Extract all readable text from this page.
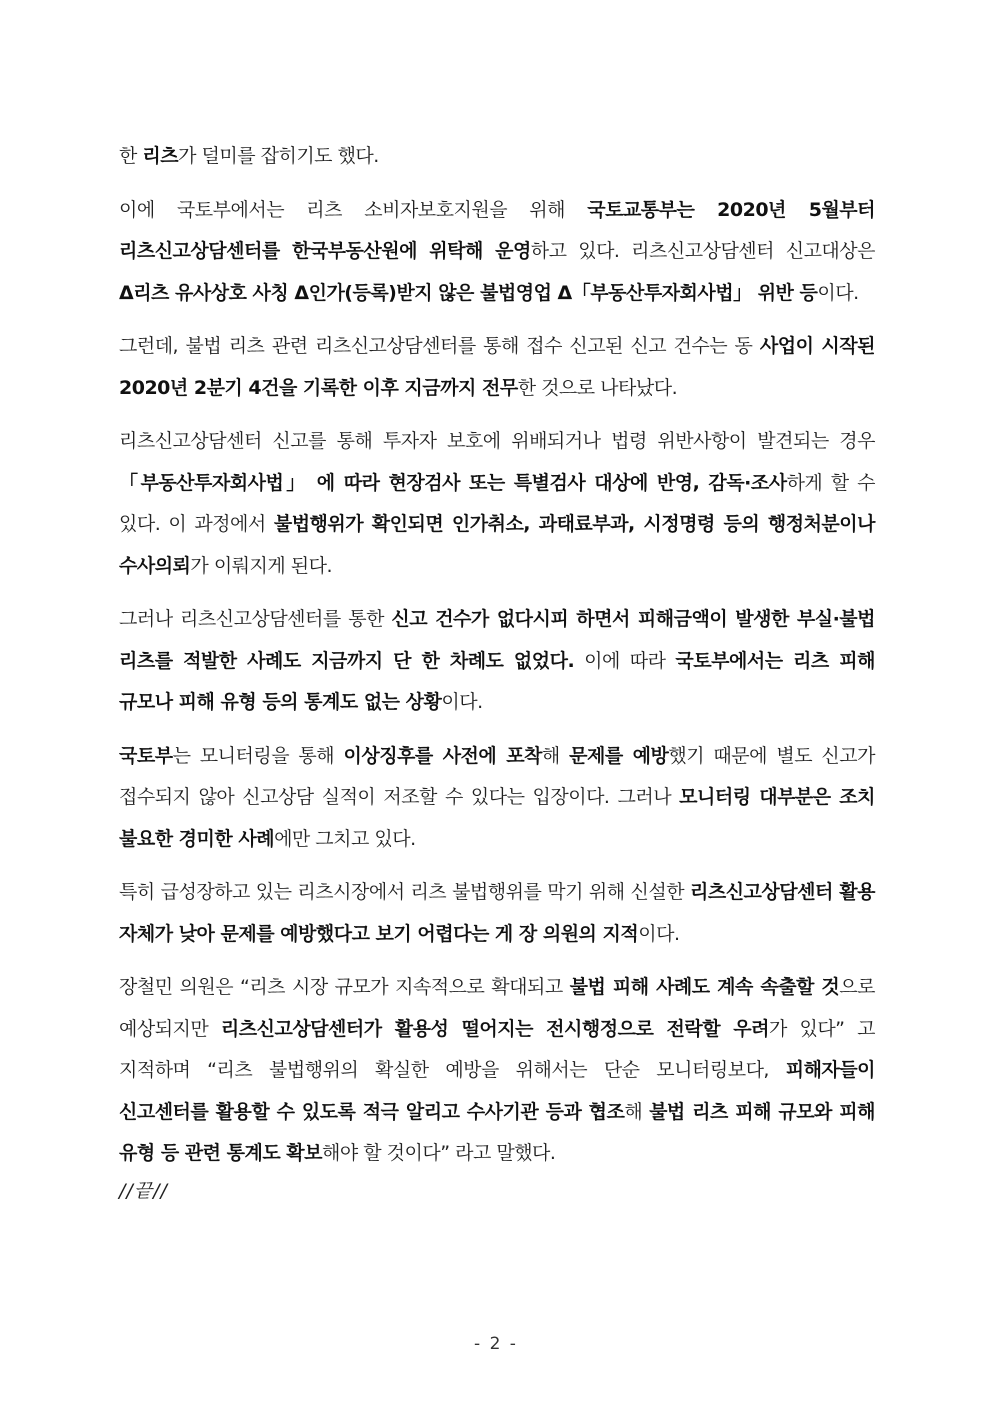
한 리츠가 덜미를 잡히기도 했다.

이에 국토부에서는 리츠 소비자보호지원을 위해 국토교통부는 2020년 5월부터 리츠신고상담센터를 한국부동산원에 위탁해 운영하고 있다. 리츠신고상담센터 신고대상은 Δ리츠 유사상호 사칭 Δ인가(등록)받지 않은 불법영업 Δ「부동산투자회사법」 위반 등이다.

그런데, 불법 리츠 관련 리츠신고상담센터를 통해 접수 신고된 신고 건수는 동 사업이 시작된 2020년 2분기 4건을 기록한 이후 지금까지 전무한 것으로 나타났다.

리츠신고상담센터 신고를 통해 투자자 보호에 위배되거나 법령 위반사항이 발견되는 경우 「부동산투자회사법」 에 따라 현장검사 또는 특별검사 대상에 반영, 감독·조사하게 할 수 있다. 이 과정에서 불법행위가 확인되면 인가취소, 과태료부과, 시정명령 등의 행정처분이나 수사의뢰가 이뤄지게 된다.

그러나 리츠신고상담센터를 통한 신고 건수가 없다시피 하면서 피해금액이 발생한 부실·불법 리츠를 적발한 사례도 지금까지 단 한 차례도 없었다. 이에 따라 국토부에서는 리츠 피해 규모나 피해 유형 등의 통계도 없는 상황이다.

국토부는 모니터링을 통해 이상징후를 사전에 포착해 문제를 예방했기 때문에 별도 신고가 접수되지 않아 신고상담 실적이 저조할 수 있다는 입장이다. 그러나 모니터링 대부분은 조치 불요한 경미한 사례에만 그치고 있다.

특히 급성장하고 있는 리츠시장에서 리츠 불법행위를 막기 위해 신설한 리츠신고상담센터 활용 자체가 낮아 문제를 예방했다고 보기 어렵다는 게 장 의원의 지적이다.

장철민 의원은 “리츠 시장 규모가 지속적으로 확대되고 불법 피해 사례도 계속 속출할 것으로 예상되지만 리츠신고상담센터가 활용성 떨어지는 전시행정으로 전락할 우려가 있다” 고 지적하며 “리츠 불법행위의 확실한 예방을 위해서는 단순 모니터링보다, 피해자들이 신고센터를 활용할 수 있도록 적극 알리고 수사기관 등과 협조해 불법 리츠 피해 규모와 피해 유형 등 관련 통계도 확보해야 할 것이다” 라고 말했다.

//끝//

- 2 -
